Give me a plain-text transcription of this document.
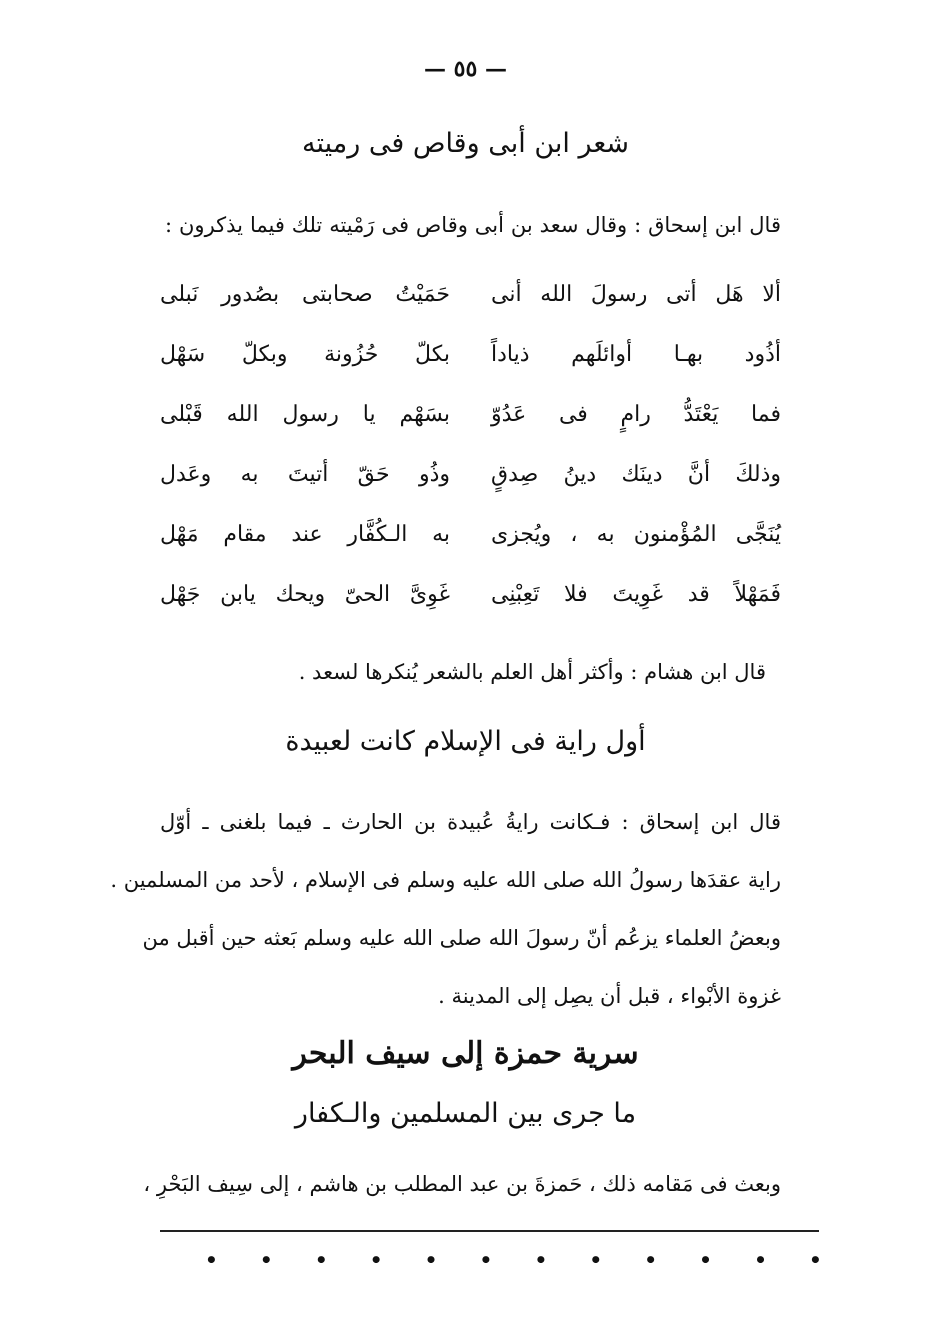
— ٥٥ —
شعر ابن أبى وقاص فى رميته
قال ابن إسحاق : وقال سعد بن أبى وقاص فى رَمْيته تلك فيما يذكرون :
ألا هَل أتى رسولَ الله أنى
حَمَيْتُ صحابتى بصُدور نَبلى
أذُود بهـا أوائلَهم ذياداً
بكلّ حُزُونة وبكلّ سَهْل
فما يَعْتَدُّ رامٍ فى عَدُوّ
بسَهْم يا رسول الله قَبْلى
وذلكَ أنَّ دينَك دينُ صِدقٍ
وذُو حَقّ أتيتَ به وعَدل
يُنَجَّى المُؤْمنون به ، ويُجزى
به الـكُفَّار عند مقام مَهْل
فَمَهْلاً قد غَوِيتَ فلا تَعِبْنِى
غَوِىَّ الحىّ ويحك يابن جَهْل
قال ابن هشام : وأكثر أهل العلم بالشعر يُنكرها لسعد .
أول راية فى الإسلام كانت لعبيدة
قال ابن إسحاق : فـكانت رايةُ عُبيدة بن الحارث ـ فيما بلغنى ـ أوّل
راية عقدَها رسولُ الله صلى الله عليه وسلم فى الإسلام ، لأحد من المسلمين .
وبعضُ العلماء يزعُم أنّ رسولَ الله صلى الله عليه وسلم بَعثه حين أقبل من
غزوة الأبْواء ، قبل أن يصِل إلى المدينة .
سرية حمزة إلى سيف البحر
ما جرى بين المسلمين والـكفار
وبعث فى مَقامه ذلك ، حَمزةَ بن عبد المطلب بن هاشم ، إلى سِيف البَحْرِ ،
• • • • • • • • • • • •
